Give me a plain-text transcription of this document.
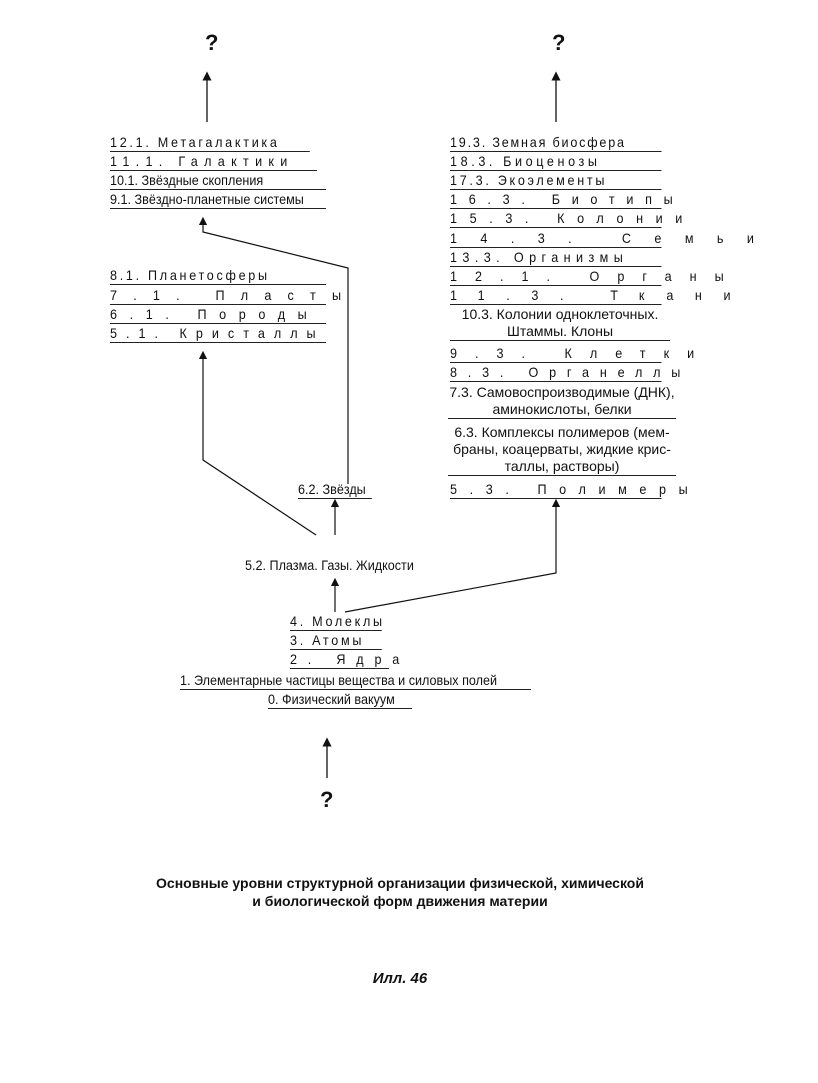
?	?
?
12.1. Метагалактика
11.1. Галактики
10.1. Звёздные скопления
9.1. Звёздно-планетные системы
8.1. Планетосферы
7.1. Пласты
6.1. Породы
5.1. Кристаллы
6.2. Звёзды
5.2. Плазма. Газы. Жидкости
4. Молеклы
3. Атомы
2. Ядра
1. Элементарные частицы вещества и силовых полей
0. Физический вакуум
19.3. Земная биосфера
18.3. Биоценозы
17.3. Экоэлементы
16.3. Биотипы
15.3. Колонии
14.3. Семьи
13.3. Организмы
12.1. Органы
11.3. Ткани
10.3. Колонии одноклеточных.
Штаммы. Клоны
9.3. Клетки
8.3. Органеллы
7.3. Самовоспроизводимые (ДНК),
аминокислоты, белки
6.3. Комплексы полимеров (мем-
браны, коацерваты, жидкие крис-
таллы, растворы)
5.3. Полимеры
Основные уровни структурной организации физической, химической
и биологической форм движения материи
Илл. 46
